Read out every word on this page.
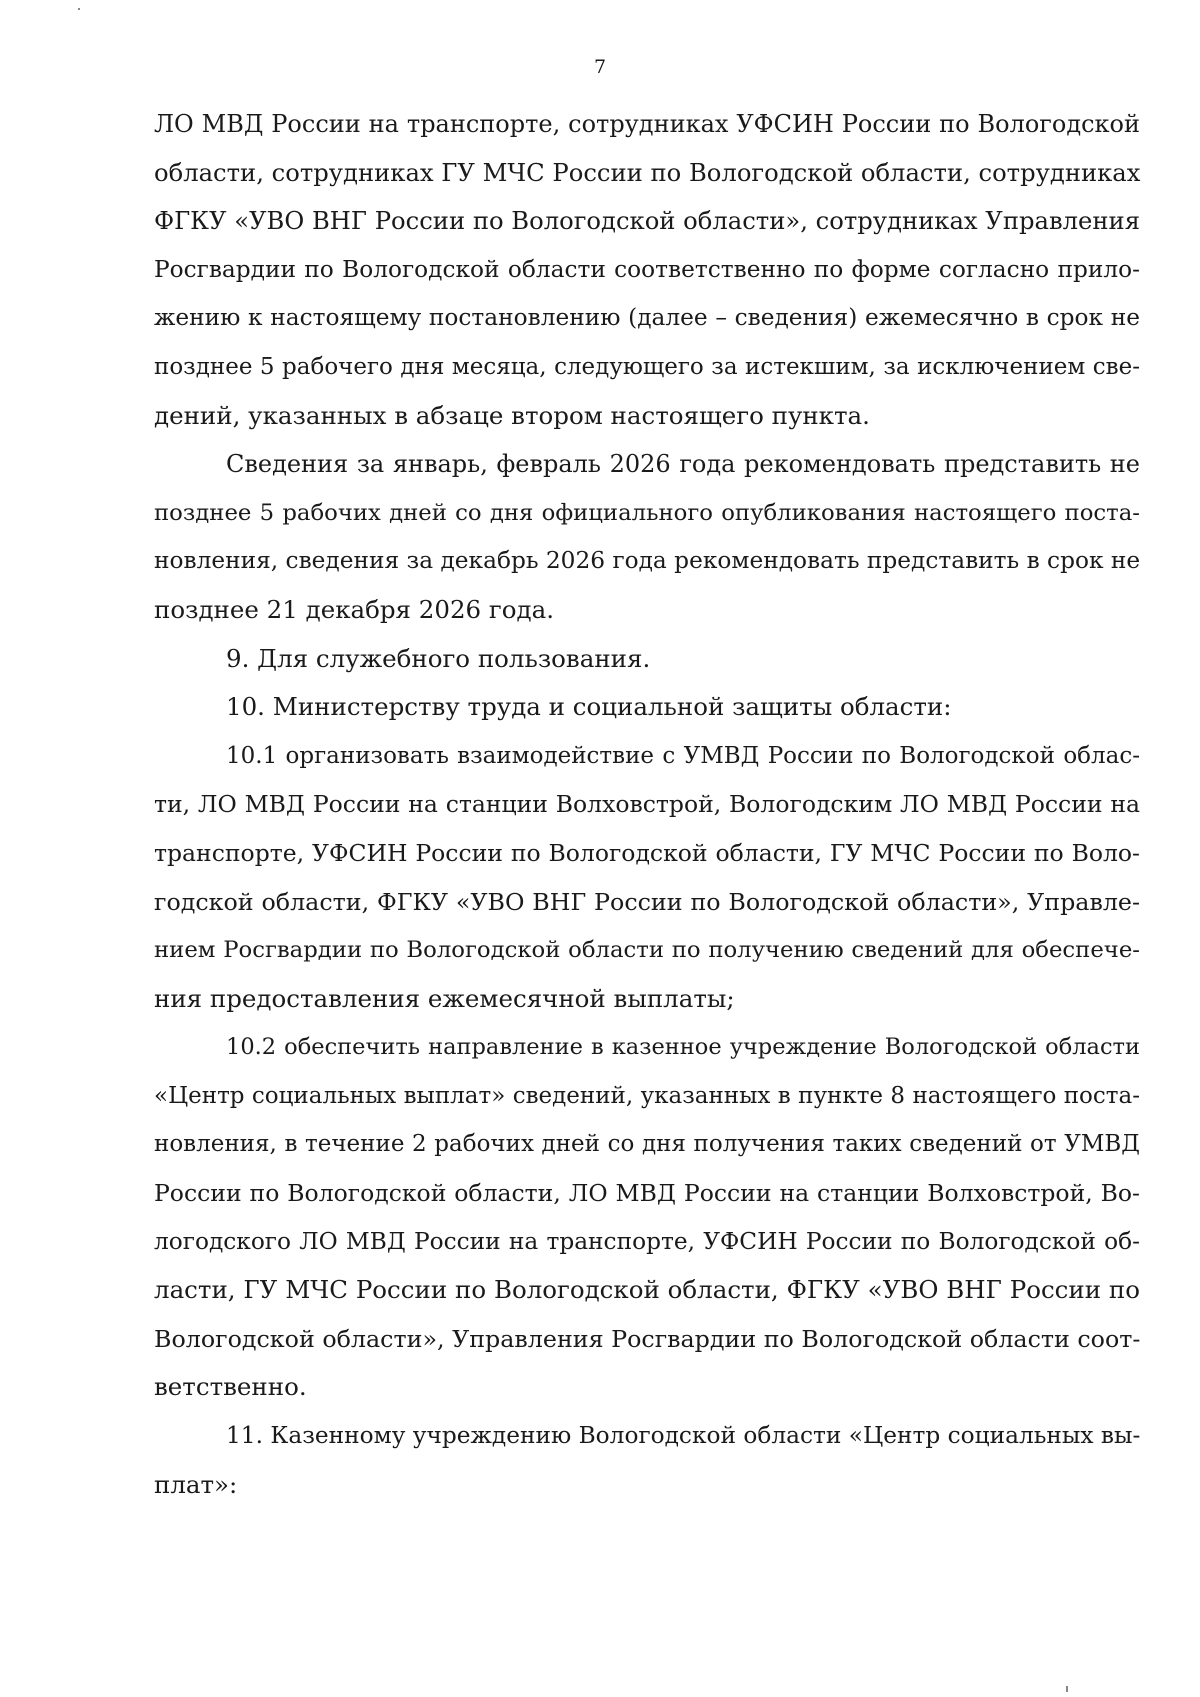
7
ЛО МВД России на транспорте, сотрудниках УФСИН России по Вологодской
области, сотрудниках ГУ МЧС России по Вологодской области, сотрудниках
ФГКУ «УВО ВНГ России по Вологодской области», сотрудниках Управления
Росгвардии по Вологодской области соответственно по форме согласно прило-
жению к настоящему постановлению (далее – сведения) ежемесячно в срок не
позднее 5 рабочего дня месяца, следующего за истекшим, за исключением све-
дений, указанных в абзаце втором настоящего пункта.
Сведения за январь, февраль 2026 года рекомендовать представить не
позднее 5 рабочих дней со дня официального опубликования настоящего поста-
новления, сведения за декабрь 2026 года рекомендовать представить в срок не
позднее 21 декабря 2026 года.
9. Для служебного пользования.
10. Министерству труда и социальной защиты области:
10.1 организовать взаимодействие с УМВД России по Вологодской облас-
ти, ЛО МВД России на станции Волховстрой, Вологодским ЛО МВД России на
транспорте, УФСИН России по Вологодской области, ГУ МЧС России по Воло-
годской области, ФГКУ «УВО ВНГ России по Вологодской области», Управле-
нием Росгвардии по Вологодской области по получению сведений для обеспече-
ния предоставления ежемесячной выплаты;
10.2 обеспечить направление в казенное учреждение Вологодской области
«Центр социальных выплат» сведений, указанных в пункте 8 настоящего поста-
новления, в течение 2 рабочих дней со дня получения таких сведений от УМВД
России по Вологодской области, ЛО МВД России на станции Волховстрой, Во-
логодского ЛО МВД России на транспорте, УФСИН России по Вологодской об-
ласти, ГУ МЧС России по Вологодской области, ФГКУ «УВО ВНГ России по
Вологодской области», Управления Росгвардии по Вологодской области соот-
ветственно.
11. Казенному учреждению Вологодской области «Центр социальных вы-
плат»:
